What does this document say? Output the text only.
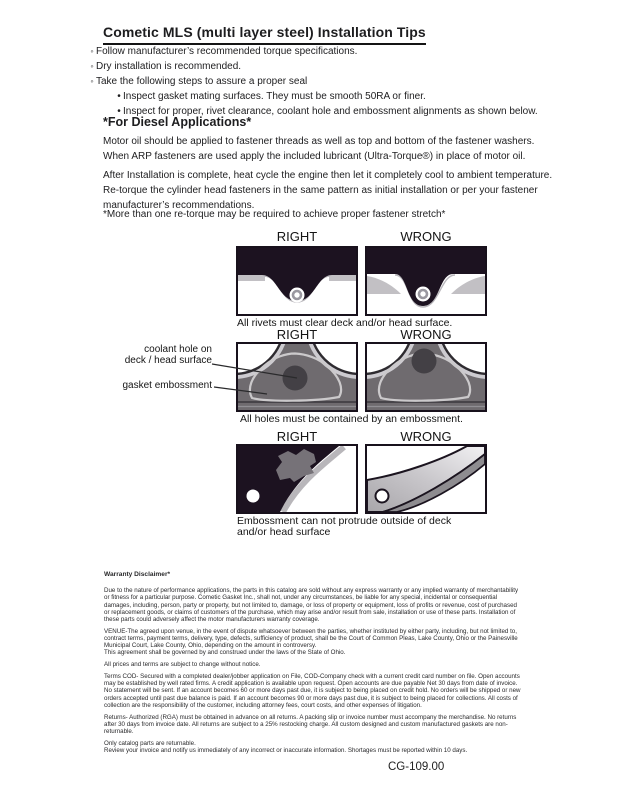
Cometic MLS (multi layer steel) Installation Tips
◦ Follow manufacturer’s recommended torque specifications.
◦ Dry installation is recommended.
◦ Take the following steps to assure a proper seal
• Inspect gasket mating surfaces. They must be smooth 50RA or finer.
• Inspect for proper, rivet clearance, coolant hole and embossment alignments as shown below.
*For Diesel Applications*

Motor oil should be applied to fastener threads as well as top and bottom of the fastener washers. When ARP fasteners are used apply the included lubricant (Ultra-Torque®) in place of motor oil.

After Installation is complete, heat cycle the engine then let it completely cool to ambient temperature. Re-torque the cylinder head fasteners in the same pattern as initial installation or per your fastener manufacturer’s recommendations.

*More than one re-torque may be required to achieve proper fastener stretch*

RIGHT	WRONG
All rivets must clear deck and/or head surface.
RIGHT	WRONG
coolant hole on
deck / head surface
gasket embossment
All holes must be contained by an embossment.
RIGHT	WRONG
Embossment can not protrude outside of deck
and/or head surface
Warranty Disclaimer*

Due to the nature of performance applications, the parts in this catalog are sold without any express warranty or any implied warranty of merchantability or fitness for a particular purpose. Cometic Gasket Inc., shall not, under any circumstances, be liable for any special, incidental or consequential damages, including, person, party or property, but not limited to, damage, or loss of property or equipment, loss of profits or revenue, cost of purchased or replacement goods, or claims of customers of the purchase, which may arise and/or result from sale, installation or use of these parts. Installation of these parts could adversely affect the motor manufacturers warranty coverage.

VENUE-The agreed upon venue, in the event of dispute whatsoever between the parties, whether instituted by either party, including, but not limited to, contract terms, payment terms, delivery, type, defects, sufficiency of product, shall be the Court of Common Pleas, Lake County, Ohio or the Painesville Municipal Court, Lake County, Ohio, depending on the amount in controversy.

This agreement shall be governed by and construed under the laws of the State of Ohio.

All prices and terms are subject to change without notice.

Terms COD- Secured with a completed dealer/jobber application on File, COD-Company check with a current credit card number on file. Open accounts may be established by well rated firms. A credit application is available upon request. Open accounts are due payable Net 30 days from date of invoice. No statement will be sent. If an account becomes 60 or more days past due, it is subject to being placed on credit hold. No orders will be shipped or new orders accepted until past due balance is paid. If an account becomes 90 or more days past due, it is subject to being placed for collections. All costs of collection are the responsibility of the customer, including attorney fees, court costs, and other expenses of litigation.

Returns- Authorized (RGA) must be obtained in advance on all returns. A packing slip or invoice number must accompany the merchandise. No returns after 30 days from invoice date. All returns are subject to a 25% restocking charge. All custom designed and custom manufactured gaskets are non-returnable.

Only catalog parts are returnable.

Review your invoice and notify us immediately of any incorrect or inaccurate information. Shortages must be reported within 10 days.

CG-109.00
